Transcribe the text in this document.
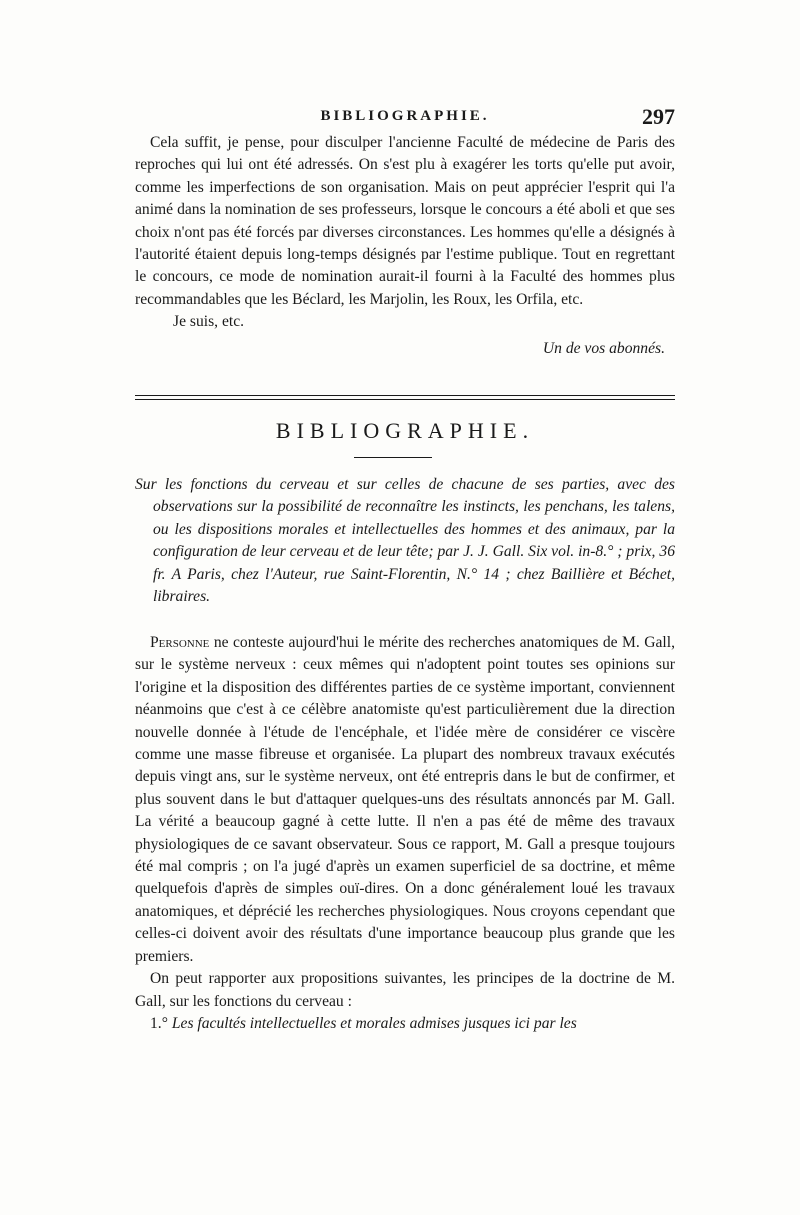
BIBLIOGRAPHIE.	297

Cela suffit, je pense, pour disculper l'ancienne Faculté de médecine de Paris des reproches qui lui ont été adressés. On s'est plu à exagérer les torts qu'elle put avoir, comme les imperfections de son organisation. Mais on peut apprécier l'esprit qui l'a animé dans la nomination de ses professeurs, lorsque le concours a été aboli et que ses choix n'ont pas été forcés par diverses circonstances. Les hommes qu'elle a désignés à l'autorité étaient depuis long-temps désignés par l'estime publique. Tout en regrettant le concours, ce mode de nomination aurait-il fourni à la Faculté des hommes plus recommandables que les Béclard, les Marjolin, les Roux, les Orfila, etc.

Je suis, etc.

Un de vos abonnés.

BIBLIOGRAPHIE.
Sur les fonctions du cerveau et sur celles de chacune de ses parties, avec des observations sur la possibilité de reconnaître les instincts, les penchans, les talens, ou les dispositions morales et intellectuelles des hommes et des animaux, par la configuration de leur cerveau et de leur tête; par J. J. Gall. Six vol. in-8.° ; prix, 36 fr. A Paris, chez l'Auteur, rue Saint-Florentin, N.° 14 ; chez Baillière et Béchet, libraires.

Personne ne conteste aujourd'hui le mérite des recherches anatomiques de M. Gall, sur le système nerveux : ceux mêmes qui n'adoptent point toutes ses opinions sur l'origine et la disposition des différentes parties de ce système important, conviennent néanmoins que c'est à ce célèbre anatomiste qu'est particulièrement due la direction nouvelle donnée à l'étude de l'encéphale, et l'idée mère de considérer ce viscère comme une masse fibreuse et organisée. La plupart des nombreux travaux exécutés depuis vingt ans, sur le système nerveux, ont été entrepris dans le but de confirmer, et plus souvent dans le but d'attaquer quelques-uns des résultats annoncés par M. Gall. La vérité a beaucoup gagné à cette lutte. Il n'en a pas été de même des travaux physiologiques de ce savant observateur. Sous ce rapport, M. Gall a presque toujours été mal compris ; on l'a jugé d'après un examen superficiel de sa doctrine, et même quelquefois d'après de simples ouï-dires. On a donc généralement loué les travaux anatomiques, et déprécié les recherches physiologiques. Nous croyons cependant que celles-ci doivent avoir des résultats d'une importance beaucoup plus grande que les premiers.

On peut rapporter aux propositions suivantes, les principes de la doctrine de M. Gall, sur les fonctions du cerveau :

1.° Les facultés intellectuelles et morales admises jusques ici par les
